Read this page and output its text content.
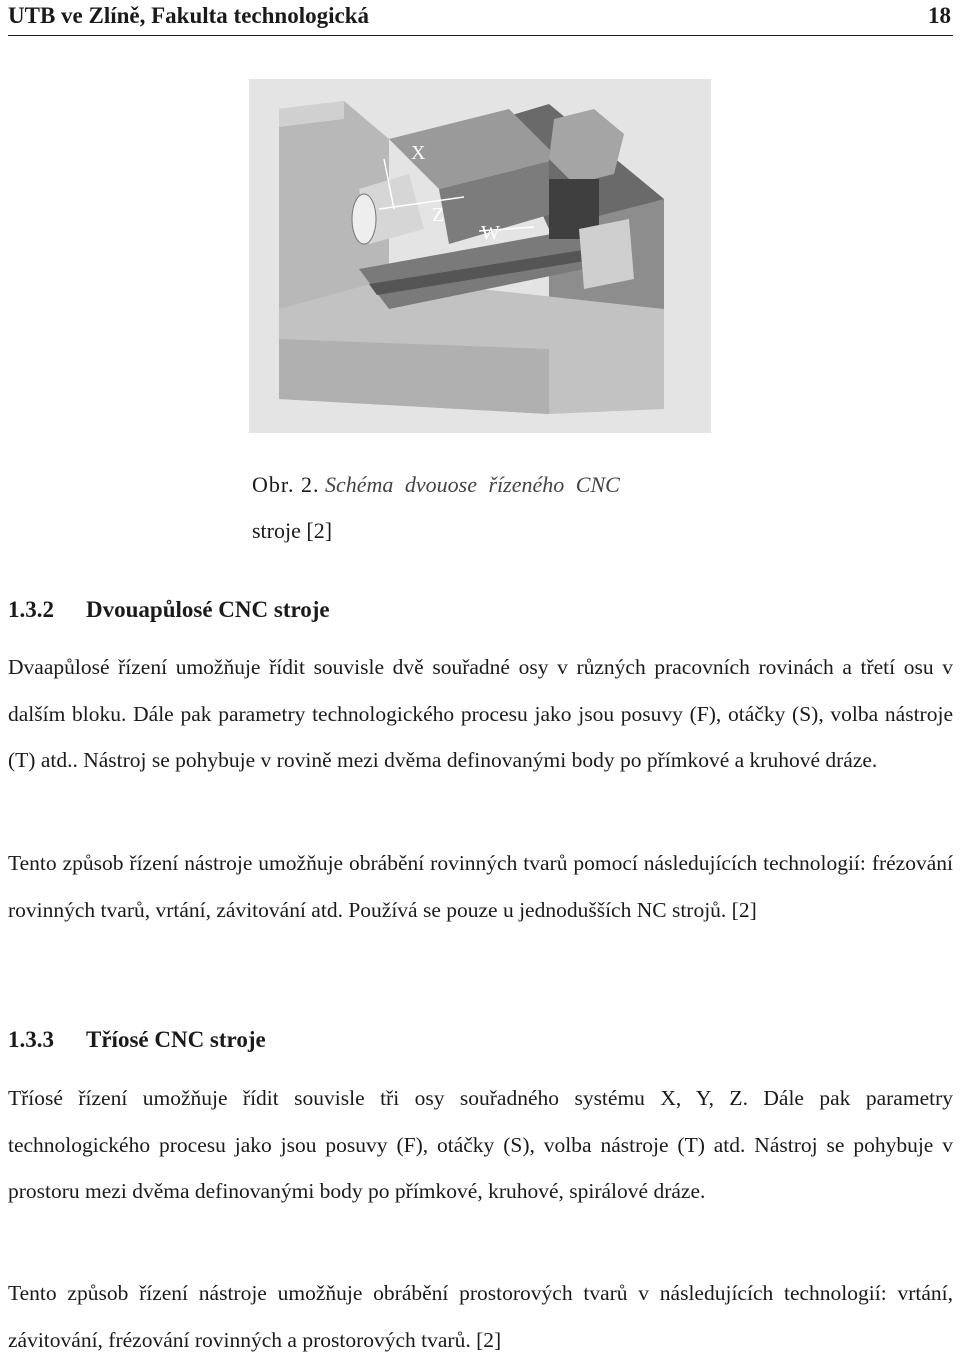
UTB ve Zlíně, Fakulta technologická	18
X
Z
W
Obr. 2. Schéma dvouose řízeného CNC
stroje [2]
1.3.2 Dvouapůlosé CNC stroje

Dvaapůlosé řízení umožňuje řídit souvisle dvě souřadné osy v různých pracovních rovinách a třetí osu v dalším bloku. Dále pak parametry technologického procesu jako jsou posuvy (F), otáčky (S), volba nástroje (T) atd.. Nástroj se pohybuje v rovině mezi dvěma definovanými body po přímkové a kruhové dráze.

Tento způsob řízení nástroje umožňuje obrábění rovinných tvarů pomocí následujících technologií: frézování rovinných tvarů, vrtání, závitování atd. Používá se pouze u jednodušších NC strojů. [2]

1.3.3 Tříosé CNC stroje

Tříosé řízení umožňuje řídit souvisle tři osy souřadného systému X, Y, Z. Dále pak parametry technologického procesu jako jsou posuvy (F), otáčky (S), volba nástroje (T) atd. Nástroj se pohybuje v prostoru mezi dvěma definovanými body po přímkové, kruhové, spirálové dráze.

Tento způsob řízení nástroje umožňuje obrábění prostorových tvarů v následujících technologií: vrtání, závitování, frézování rovinných a prostorových tvarů. [2]
